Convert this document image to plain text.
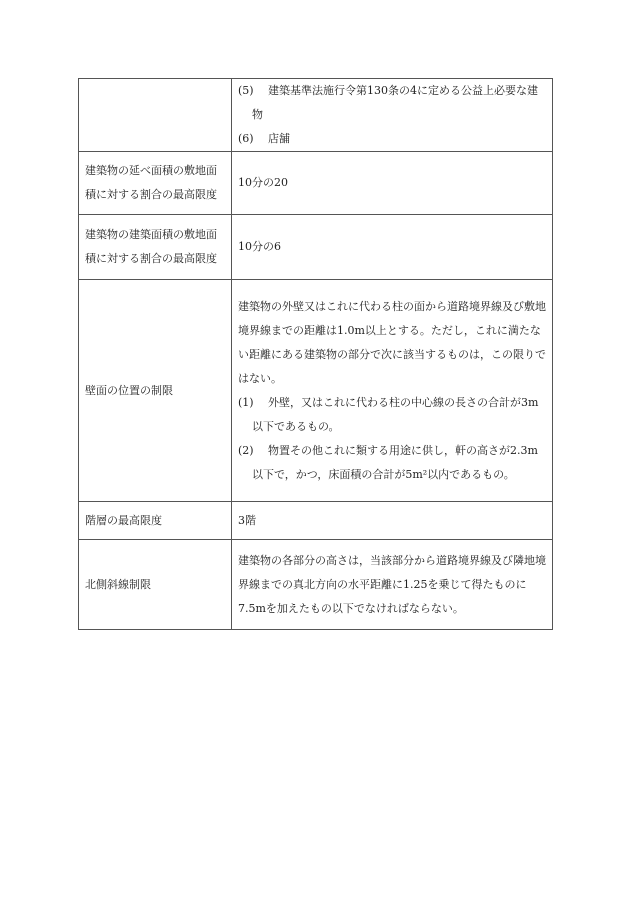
	(5) 建築基準法施行令第130条の4に定める公益上必要な建物

(6) 店舗

建築物の延べ面積の敷地面積に対する割合の最高限度	10分の20
建築物の建築面積の敷地面積に対する割合の最高限度	10分の6
壁面の位置の制限	建築物の外壁又はこれに代わる柱の面から道路境界線及び敷地境界線までの距離は1.0m以上とする。ただし，これに満たない距離にある建築物の部分で次に該当するものは，この限りではない。

(1) 外壁，又はこれに代わる柱の中心線の長さの合計が3m以下であるもの。

(2) 物置その他これに類する用途に供し，軒の高さが2.3m以下で，かつ，床面積の合計が5m²以内であるもの。

階層の最高限度	3階
北側斜線制限	建築物の各部分の高さは，当該部分から道路境界線及び隣地境界線までの真北方向の水平距離に1.25を乗じて得たものに7.5mを加えたもの以下でなければならない。
